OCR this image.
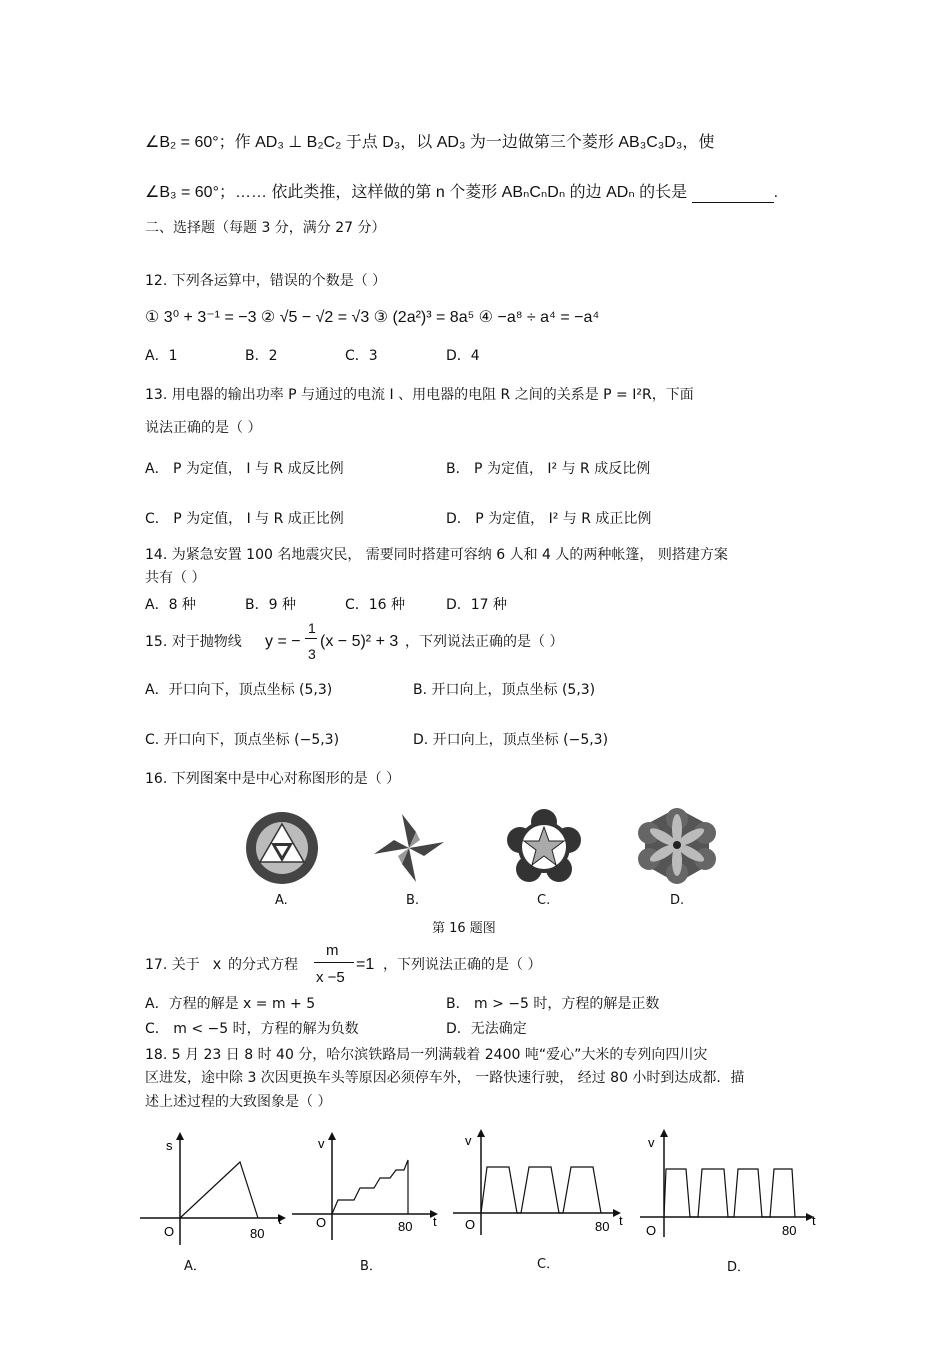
∠B₂ = 60°；作 AD₃ ⊥ B₂C₂ 于点 D₃，以 AD₃ 为一边做第三个菱形 AB₃C₃D₃，使
∠B₃ = 60°；…… 依此类推，这样做的第 n 个菱形 ABₙCₙDₙ 的边 ADₙ 的长是	.
二、选择题（每题 3 分，满分 27 分）
12. 下列各运算中，错误的个数是（ ）
① 3⁰ + 3⁻¹ = −3 ② √5 − √2 = √3 ③ (2a²)³ = 8a⁵ ④ −a⁸ ÷ a⁴ = −a⁴
A．1	B．2	C．3	D．4
13. 用电器的输出功率 P 与通过的电流 I 、用电器的电阻 R 之间的关系是 P = I²R，下面
说法正确的是（ ）
A． P 为定值， I 与 R 成反比例	B． P 为定值， I² 与 R 成反比例
C． P 为定值， I 与 R 成正比例	D． P 为定值， I² 与 R 成正比例
14. 为紧急安置 100 名地震灾民， 需要同时搭建可容纳 6 人和 4 人的两种帐篷， 则搭建方案
共有（ ）
A．8 种	B．9 种	C．16 种	D．17 种
15. 对于抛物线 y = −
1
3
(x − 5)² + 3 ，下列说法正确的是（ ）
A．开口向下，顶点坐标 (5,3)	B. 开口向上，顶点坐标 (5,3)
C. 开口向下，顶点坐标 (−5,3)	D. 开口向上，顶点坐标 (−5,3)
16. 下列图案中是中心对称图形的是（ ）
A.	B.	C.	D.
第 16 题图
17. 关于 x 的分式方程
m
x −5
=1 ，下列说法正确的是（ ）
A．方程的解是 x = m + 5	B． m > −5 时，方程的解是正数
C． m < −5 时，方程的解为负数	D．无法确定
18. 5 月 23 日 8 时 40 分，哈尔滨铁路局一列满载着 2400 吨“爱心”大米的专列向四川灾
区进发，途中除 3 次因更换车头等原因必须停车外， 一路快速行驶， 经过 80 小时到达成都．描
述上述过程的大致图象是（ ）
s
t
O	80
A．
v
t
O	80
B．
v
t
O	80
C．
v
t
O	80
D．
